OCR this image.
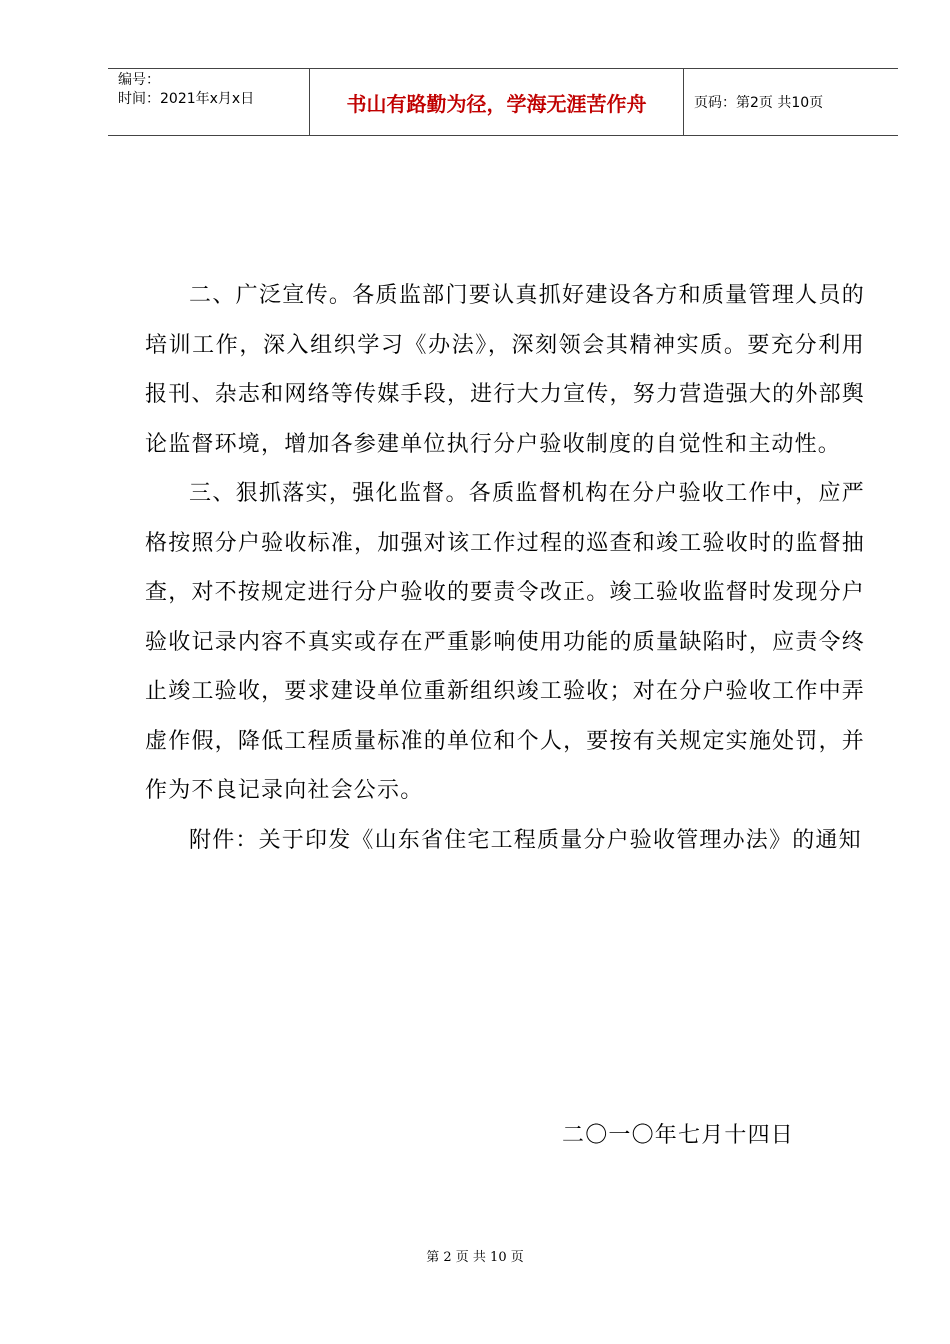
编号：
时间：2021年x月x日	书山有路勤为径，学海无涯苦作舟	页码：第2页 共10页

二、广泛宣传。各质监部门要认真抓好建设各方和质量管理人员的培训工作，深入组织学习《办法》，深刻领会其精神实质。要充分利用报刊、杂志和网络等传媒手段，进行大力宣传，努力营造强大的外部舆论监督环境，增加各参建单位执行分户验收制度的自觉性和主动性。

三、狠抓落实，强化监督。各质监督机构在分户验收工作中，应严格按照分户验收标准，加强对该工作过程的巡查和竣工验收时的监督抽查，对不按规定进行分户验收的要责令改正。竣工验收监督时发现分户验收记录内容不真实或存在严重影响使用功能的质量缺陷时，应责令终止竣工验收，要求建设单位重新组织竣工验收；对在分户验收工作中弄虚作假，降低工程质量标准的单位和个人，要按有关规定实施处罚，并作为不良记录向社会公示。

附件：关于印发《山东省住宅工程质量分户验收管理办法》的通知

二〇一〇年七月十四日
第 2 页 共 10 页
